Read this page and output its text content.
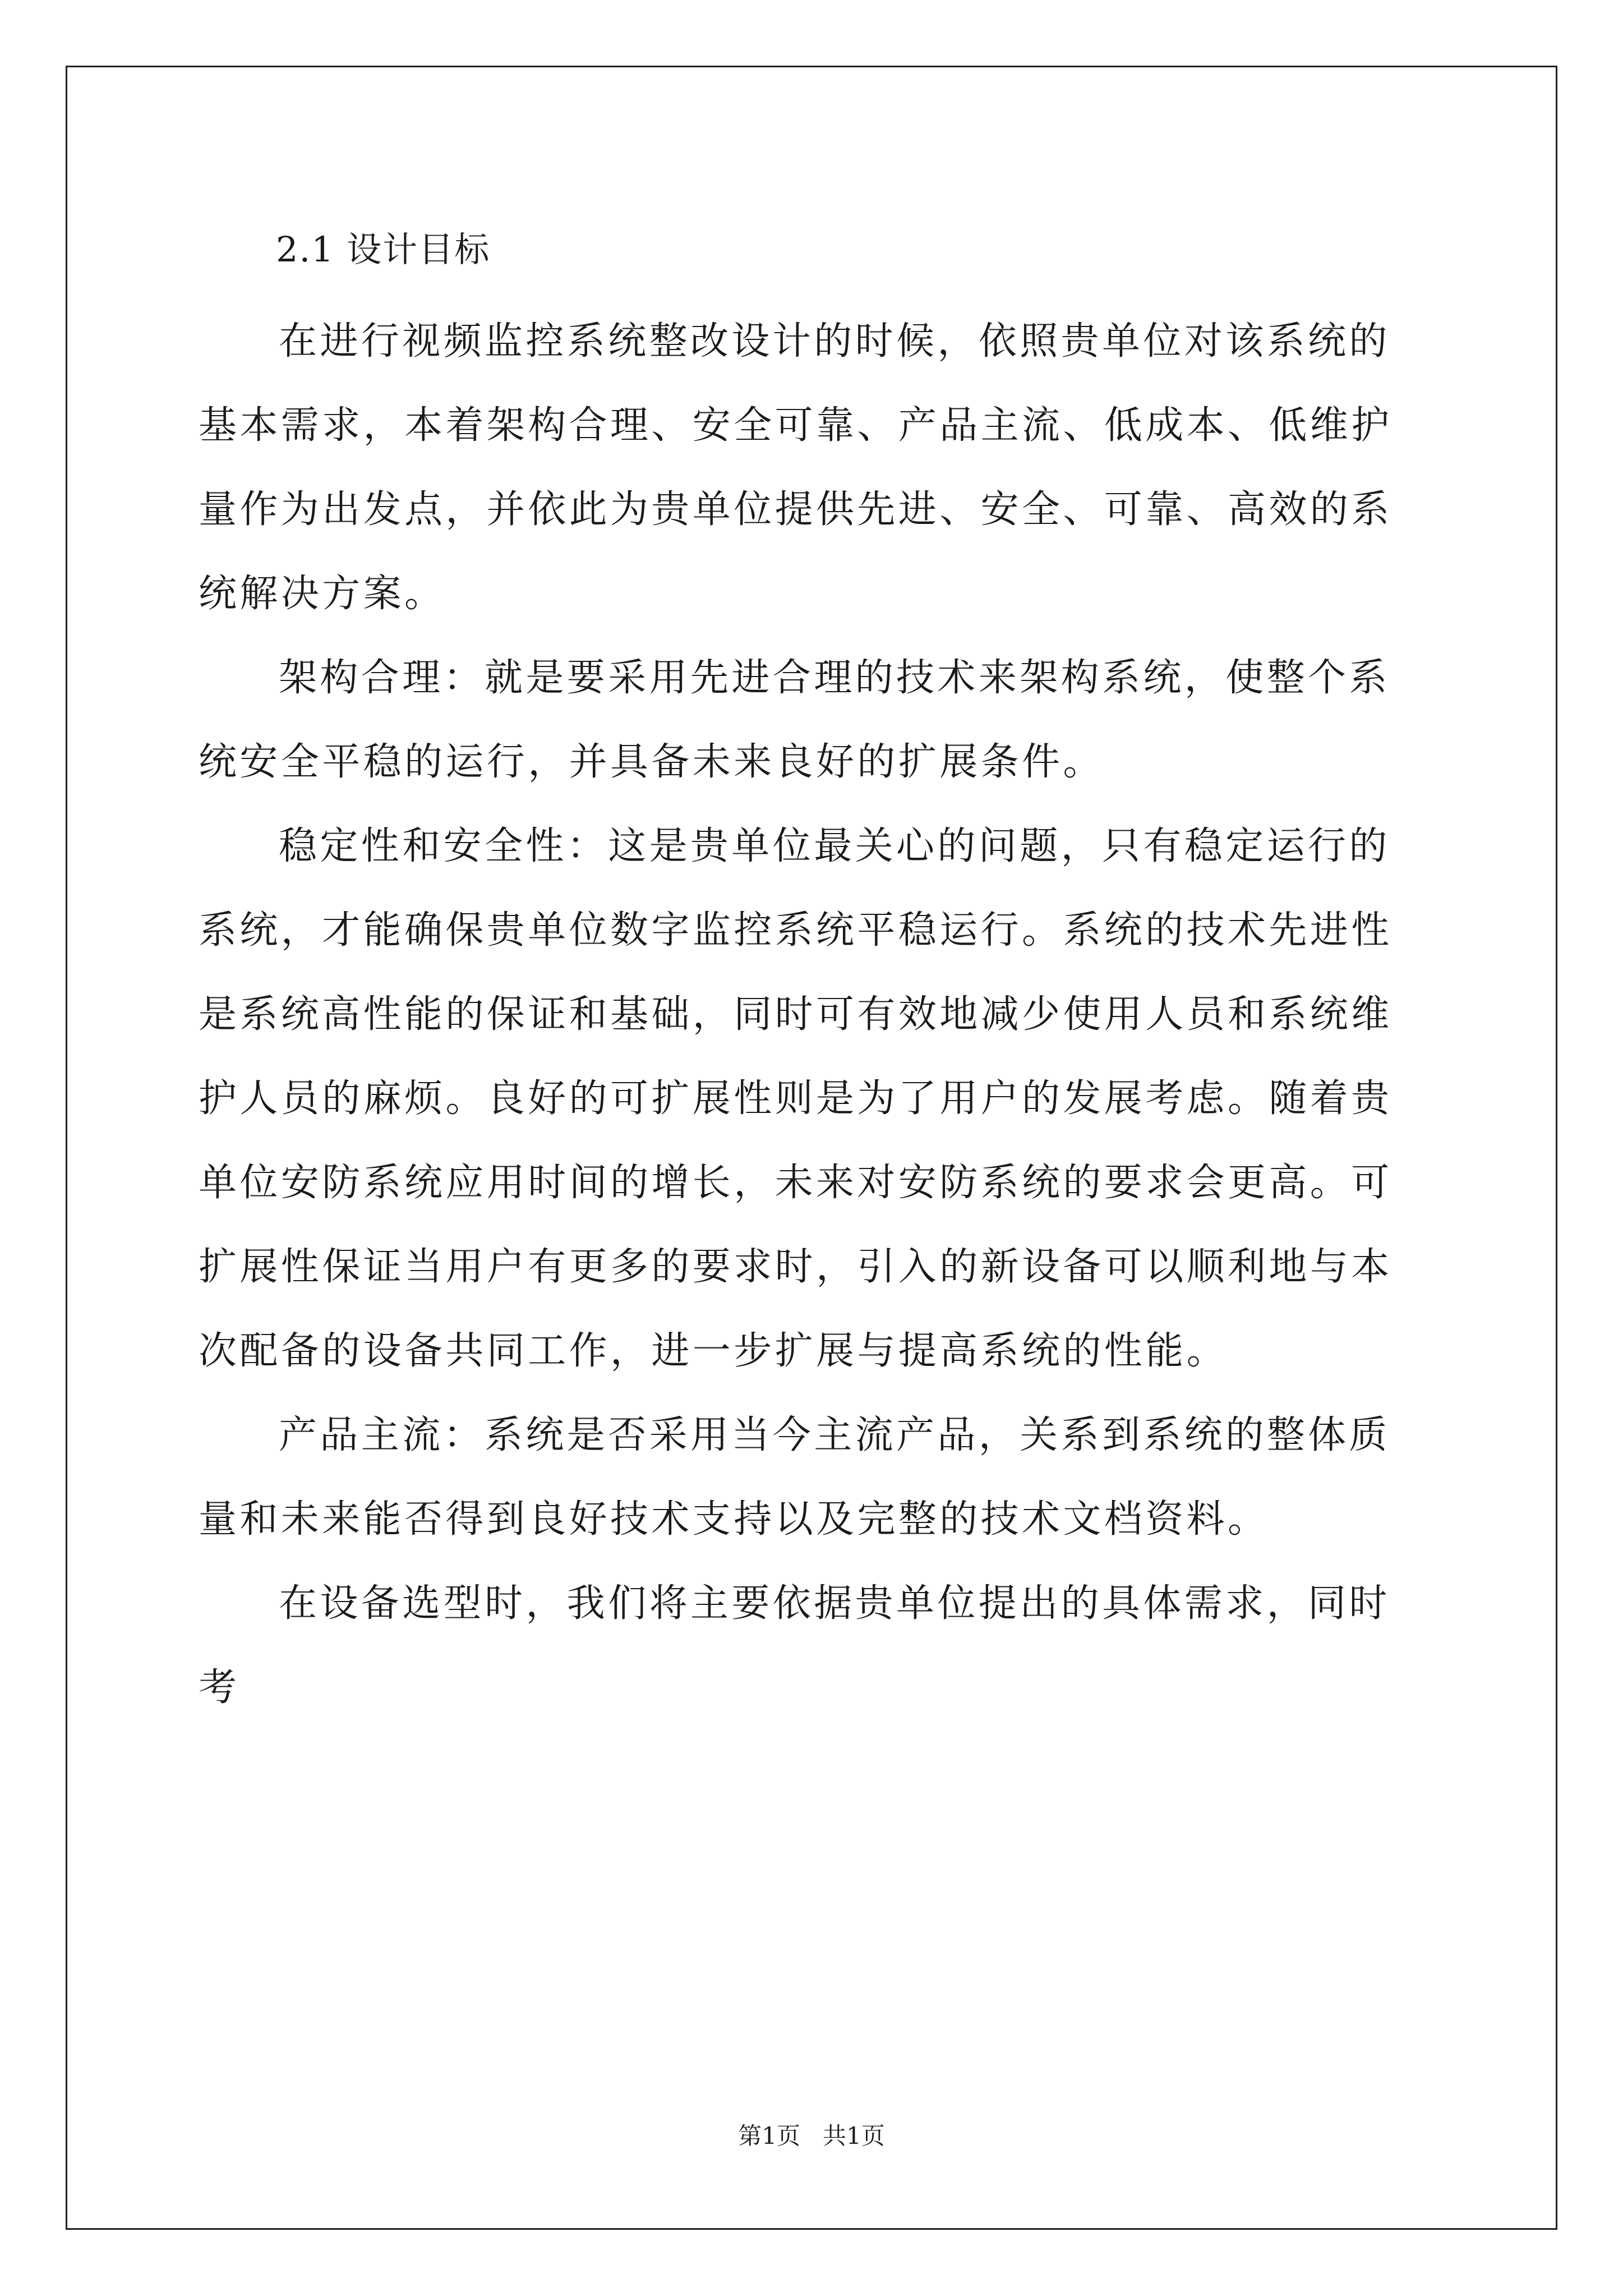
2.1 设计目标

在进行视频监控系统整改设计的时候，依照贵单位对该系统的基本需求，本着架构合理、安全可靠、产品主流、低成本、低维护量作为出发点，并依此为贵单位提供先进、安全、可靠、高效的系统解决方案。

架构合理：就是要采用先进合理的技术来架构系统，使整个系统安全平稳的运行，并具备未来良好的扩展条件。

稳定性和安全性：这是贵单位最关心的问题，只有稳定运行的系统，才能确保贵单位数字监控系统平稳运行。系统的技术先进性是系统高性能的保证和基础，同时可有效地减少使用人员和系统维护人员的麻烦。良好的可扩展性则是为了用户的发展考虑。随着贵单位安防系统应用时间的增长，未来对安防系统的要求会更高。可扩展性保证当用户有更多的要求时，引入的新设备可以顺利地与本次配备的设备共同工作，进一步扩展与提高系统的性能。

产品主流：系统是否采用当今主流产品，关系到系统的整体质量和未来能否得到良好技术支持以及完整的技术文档资料。

在设备选型时，我们将主要依据贵单位提出的具体需求，同时考

第1页 共1页
